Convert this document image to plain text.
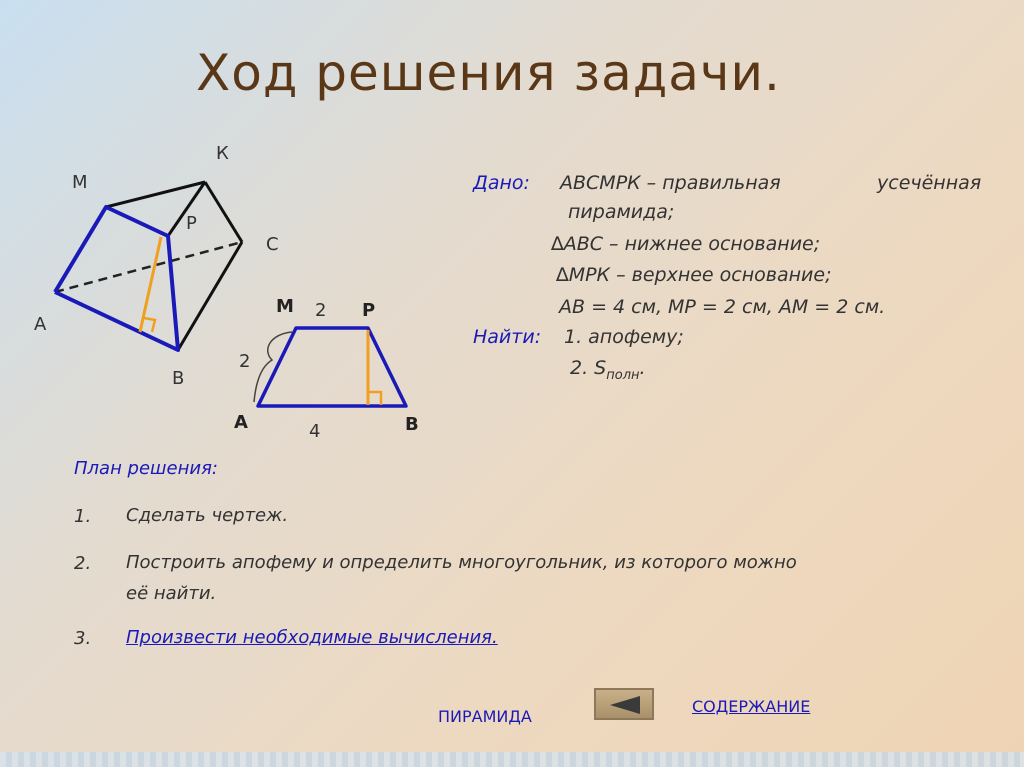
Ход решения задачи.
М
К
Р
С
А
В
М 2 Р
2
А	4	В
Дано: АВСМРК – правильная	усечённая
пирамида;
∆АВС – нижнее основание;
∆МРК – верхнее основание;
АВ = 4 см, МР = 2 см, АМ = 2 см.
Найти: 1. апофему;
2. $S_{полн}$.
План решения:
1. Сделать чертеж.
2. Построить апофему и определить многоугольник, из которого можно её найти.
3. Произвести необходимые вычисления.
ПИРАМИДА
СОДЕРЖАНИЕ
